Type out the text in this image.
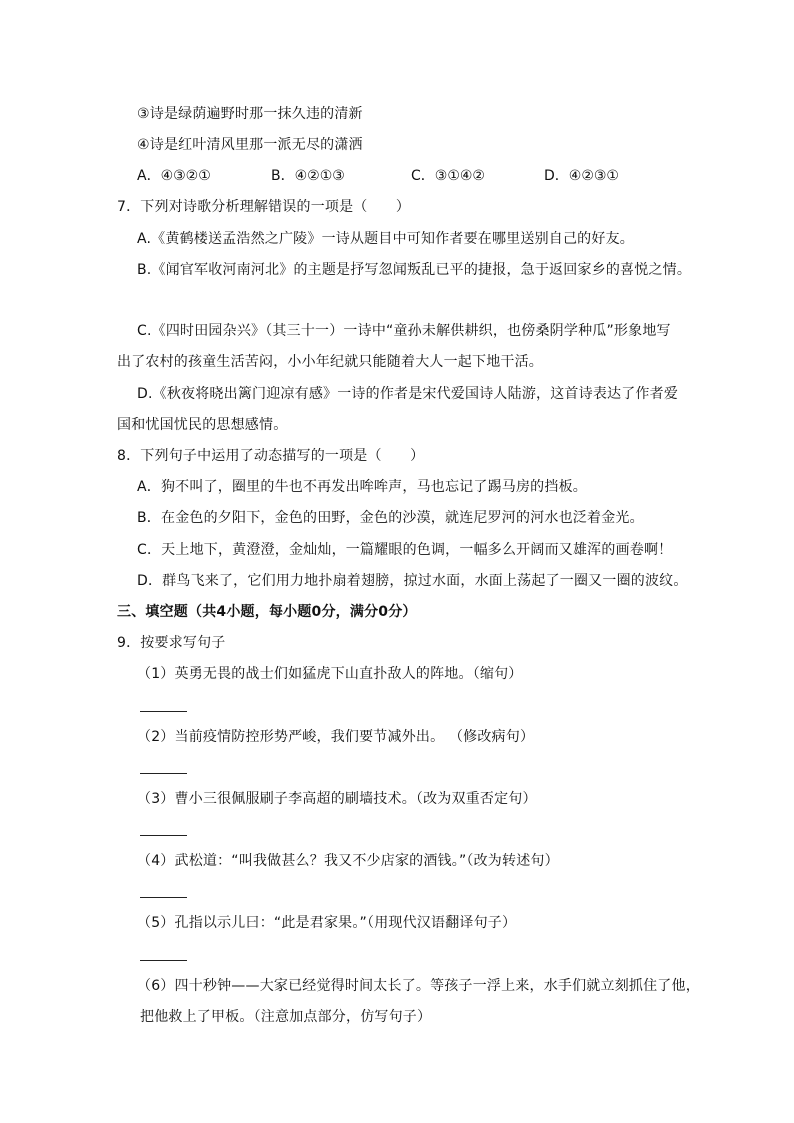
③诗是绿荫遍野时那一抹久违的清新
④诗是红叶清风里那一派无尽的潇洒
A．④③②①	B．④②①③	C．③①④②	D．④②③①
7．下列对诗歌分析理解错误的一项是（　　）
A.《黄鹤楼送孟浩然之广陵》一诗从题目中可知作者要在哪里送别自己的好友。
B.《闻官军收河南河北》的主题是抒写忽闻叛乱已平的捷报，急于返回家乡的喜悦之情。
C.《四时田园杂兴》（其三十一）一诗中“童孙未解供耕织，也傍桑阴学种瓜”形象地写
出了农村的孩童生活苦闷，小小年纪就只能随着大人一起下地干活。
D.《秋夜将晓出篱门迎凉有感》一诗的作者是宋代爱国诗人陆游，这首诗表达了作者爱
国和忧国忧民的思想感情。
8．下列句子中运用了动态描写的一项是（　　）
A．狗不叫了，圈里的牛也不再发出哞哞声，马也忘记了踢马房的挡板。
B．在金色的夕阳下，金色的田野，金色的沙漠，就连尼罗河的河水也泛着金光。
C．天上地下，黄澄澄，金灿灿，一篇耀眼的色调，一幅多么开阔而又雄浑的画卷啊！
D．群鸟飞来了，它们用力地扑扇着翅膀，掠过水面，水面上荡起了一圈又一圈的波纹。
三、填空题（共4小题，每小题0分，满分0分）
9．按要求写句子
（1）英勇无畏的战士们如猛虎下山直扑敌人的阵地。（缩句）
（2）当前疫情防控形势严峻，我们要节减外出。 （修改病句）
（3）曹小三很佩服刷子李高超的刷墙技术。（改为双重否定句）
（4）武松道：“叫我做甚么？我又不少店家的酒钱。”（改为转述句）
（5）孔指以示儿曰：“此是君家果。”（用现代汉语翻译句子）
（6）四十秒钟——大家已经觉得时间太长了。等孩子一浮上来，水手们就立刻抓住了他，
把他救上了甲板。（注意加点部分，仿写句子）
